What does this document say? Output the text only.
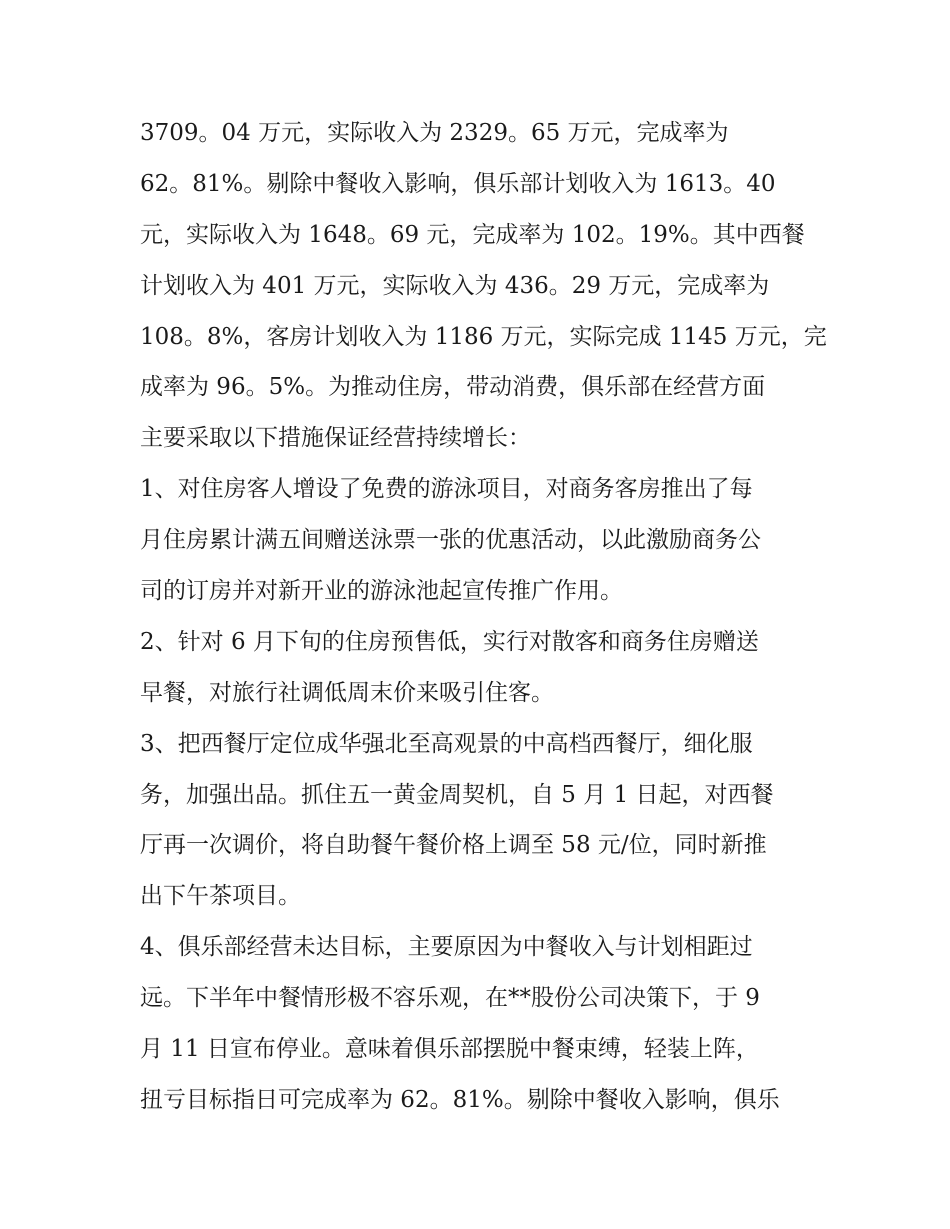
3709。04 万元，实际收入为 2329。65 万元，完成率为
62。81%。剔除中餐收入影响，俱乐部计划收入为 1613。40
元，实际收入为 1648。69 元，完成率为 102。19%。其中西餐
计划收入为 401 万元，实际收入为 436。29 万元，完成率为
108。8%，客房计划收入为 1186 万元，实际完成 1145 万元，完
成率为 96。5%。为推动住房，带动消费，俱乐部在经营方面
主要采取以下措施保证经营持续增长：
1、对住房客人增设了免费的游泳项目，对商务客房推出了每
月住房累计满五间赠送泳票一张的优惠活动，以此激励商务公
司的订房并对新开业的游泳池起宣传推广作用。
2、针对 6 月下旬的住房预售低，实行对散客和商务住房赠送
早餐，对旅行社调低周末价来吸引住客。
3、把西餐厅定位成华强北至高观景的中高档西餐厅，细化服
务，加强出品。抓住五一黄金周契机，自 5 月 1 日起，对西餐
厅再一次调价，将自助餐午餐价格上调至 58 元/位，同时新推
出下午茶项目。
4、俱乐部经营未达目标，主要原因为中餐收入与计划相距过
远。下半年中餐情形极不容乐观，在**股份公司决策下，于 9
月 11 日宣布停业。意味着俱乐部摆脱中餐束缚，轻装上阵，
扭亏目标指日可完成率为 62。81%。剔除中餐收入影响，俱乐
